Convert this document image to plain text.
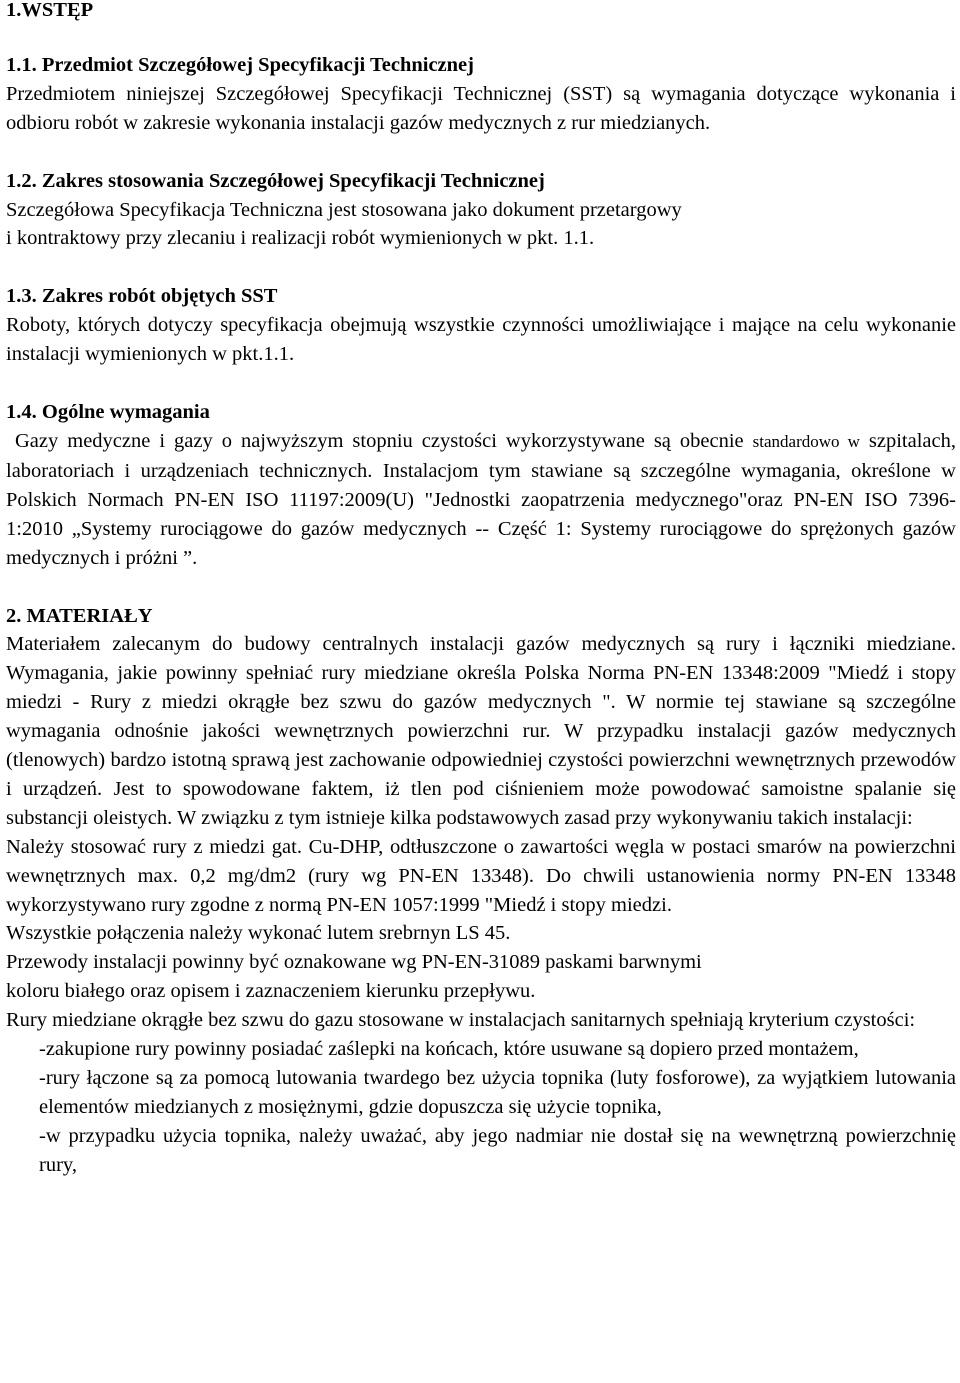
1.WSTĘP
1.1. Przedmiot Szczegółowej Specyfikacji Technicznej
Przedmiotem niniejszej Szczegółowej Specyfikacji Technicznej (SST) są wymagania dotyczące wykonania i odbioru robót w zakresie wykonania instalacji gazów medycznych z rur miedzianych.
1.2. Zakres stosowania Szczegółowej Specyfikacji Technicznej
Szczegółowa Specyfikacja Techniczna jest stosowana jako dokument przetargowy
i kontraktowy przy zlecaniu i realizacji robót wymienionych w pkt. 1.1.
1.3. Zakres robót objętych SST
Roboty, których dotyczy specyfikacja obejmują wszystkie czynności umożliwiające i mające na celu wykonanie instalacji wymienionych w pkt.1.1.
1.4. Ogólne wymagania
Gazy medyczne i gazy o najwyższym stopniu czystości wykorzystywane są obecnie standardowo w szpitalach, laboratoriach i urządzeniach technicznych. Instalacjom tym stawiane są szczególne wymagania, określone w Polskich Normach PN-EN ISO 11197:2009(U) "Jednostki zaopatrzenia medycznego"oraz PN-EN ISO 7396-1:2010 „Systemy rurociągowe do gazów medycznych -- Część 1: Systemy rurociągowe do sprężonych gazów medycznych i próżni ”.
2. MATERIAŁY
Materiałem zalecanym do budowy centralnych instalacji gazów medycznych są rury i łączniki miedziane. Wymagania, jakie powinny spełniać rury miedziane określa Polska Norma PN-EN 13348:2009 "Miedź i stopy miedzi - Rury z miedzi okrągłe bez szwu do gazów medycznych ". W normie tej stawiane są szczególne wymagania odnośnie jakości wewnętrznych powierzchni rur. W przypadku instalacji gazów medycznych (tlenowych) bardzo istotną sprawą jest zachowanie odpowiedniej czystości powierzchni wewnętrznych przewodów i urządzeń. Jest to spowodowane faktem, iż tlen pod ciśnieniem może powodować samoistne spalanie się substancji oleistych. W związku z tym istnieje kilka podstawowych zasad przy wykonywaniu takich instalacji:
Należy stosować rury z miedzi gat. Cu-DHP, odtłuszczone o zawartości węgla w postaci smarów na powierzchni wewnętrznych max. 0,2 mg/dm2 (rury wg PN-EN 13348). Do chwili ustanowienia normy PN-EN 13348 wykorzystywano rury zgodne z normą PN-EN 1057:1999 "Miedź i stopy miedzi.
Wszystkie połączenia należy wykonać lutem srebrnyn LS 45.
Przewody instalacji powinny być oznakowane wg PN-EN-31089 paskami barwnymi
koloru białego oraz opisem i zaznaczeniem kierunku przepływu.
Rury miedziane okrągłe bez szwu do gazu stosowane w instalacjach sanitarnych spełniają kryterium czystości:
-zakupione rury powinny posiadać zaślepki na końcach, które usuwane są dopiero przed montażem,
-rury łączone są za pomocą lutowania twardego bez użycia topnika (luty fosforowe), za wyjątkiem lutowania elementów miedzianych z mosiężnymi, gdzie dopuszcza się użycie topnika,
-w przypadku użycia topnika, należy uważać, aby jego nadmiar nie dostał się na wewnętrzną powierzchnię rury,
